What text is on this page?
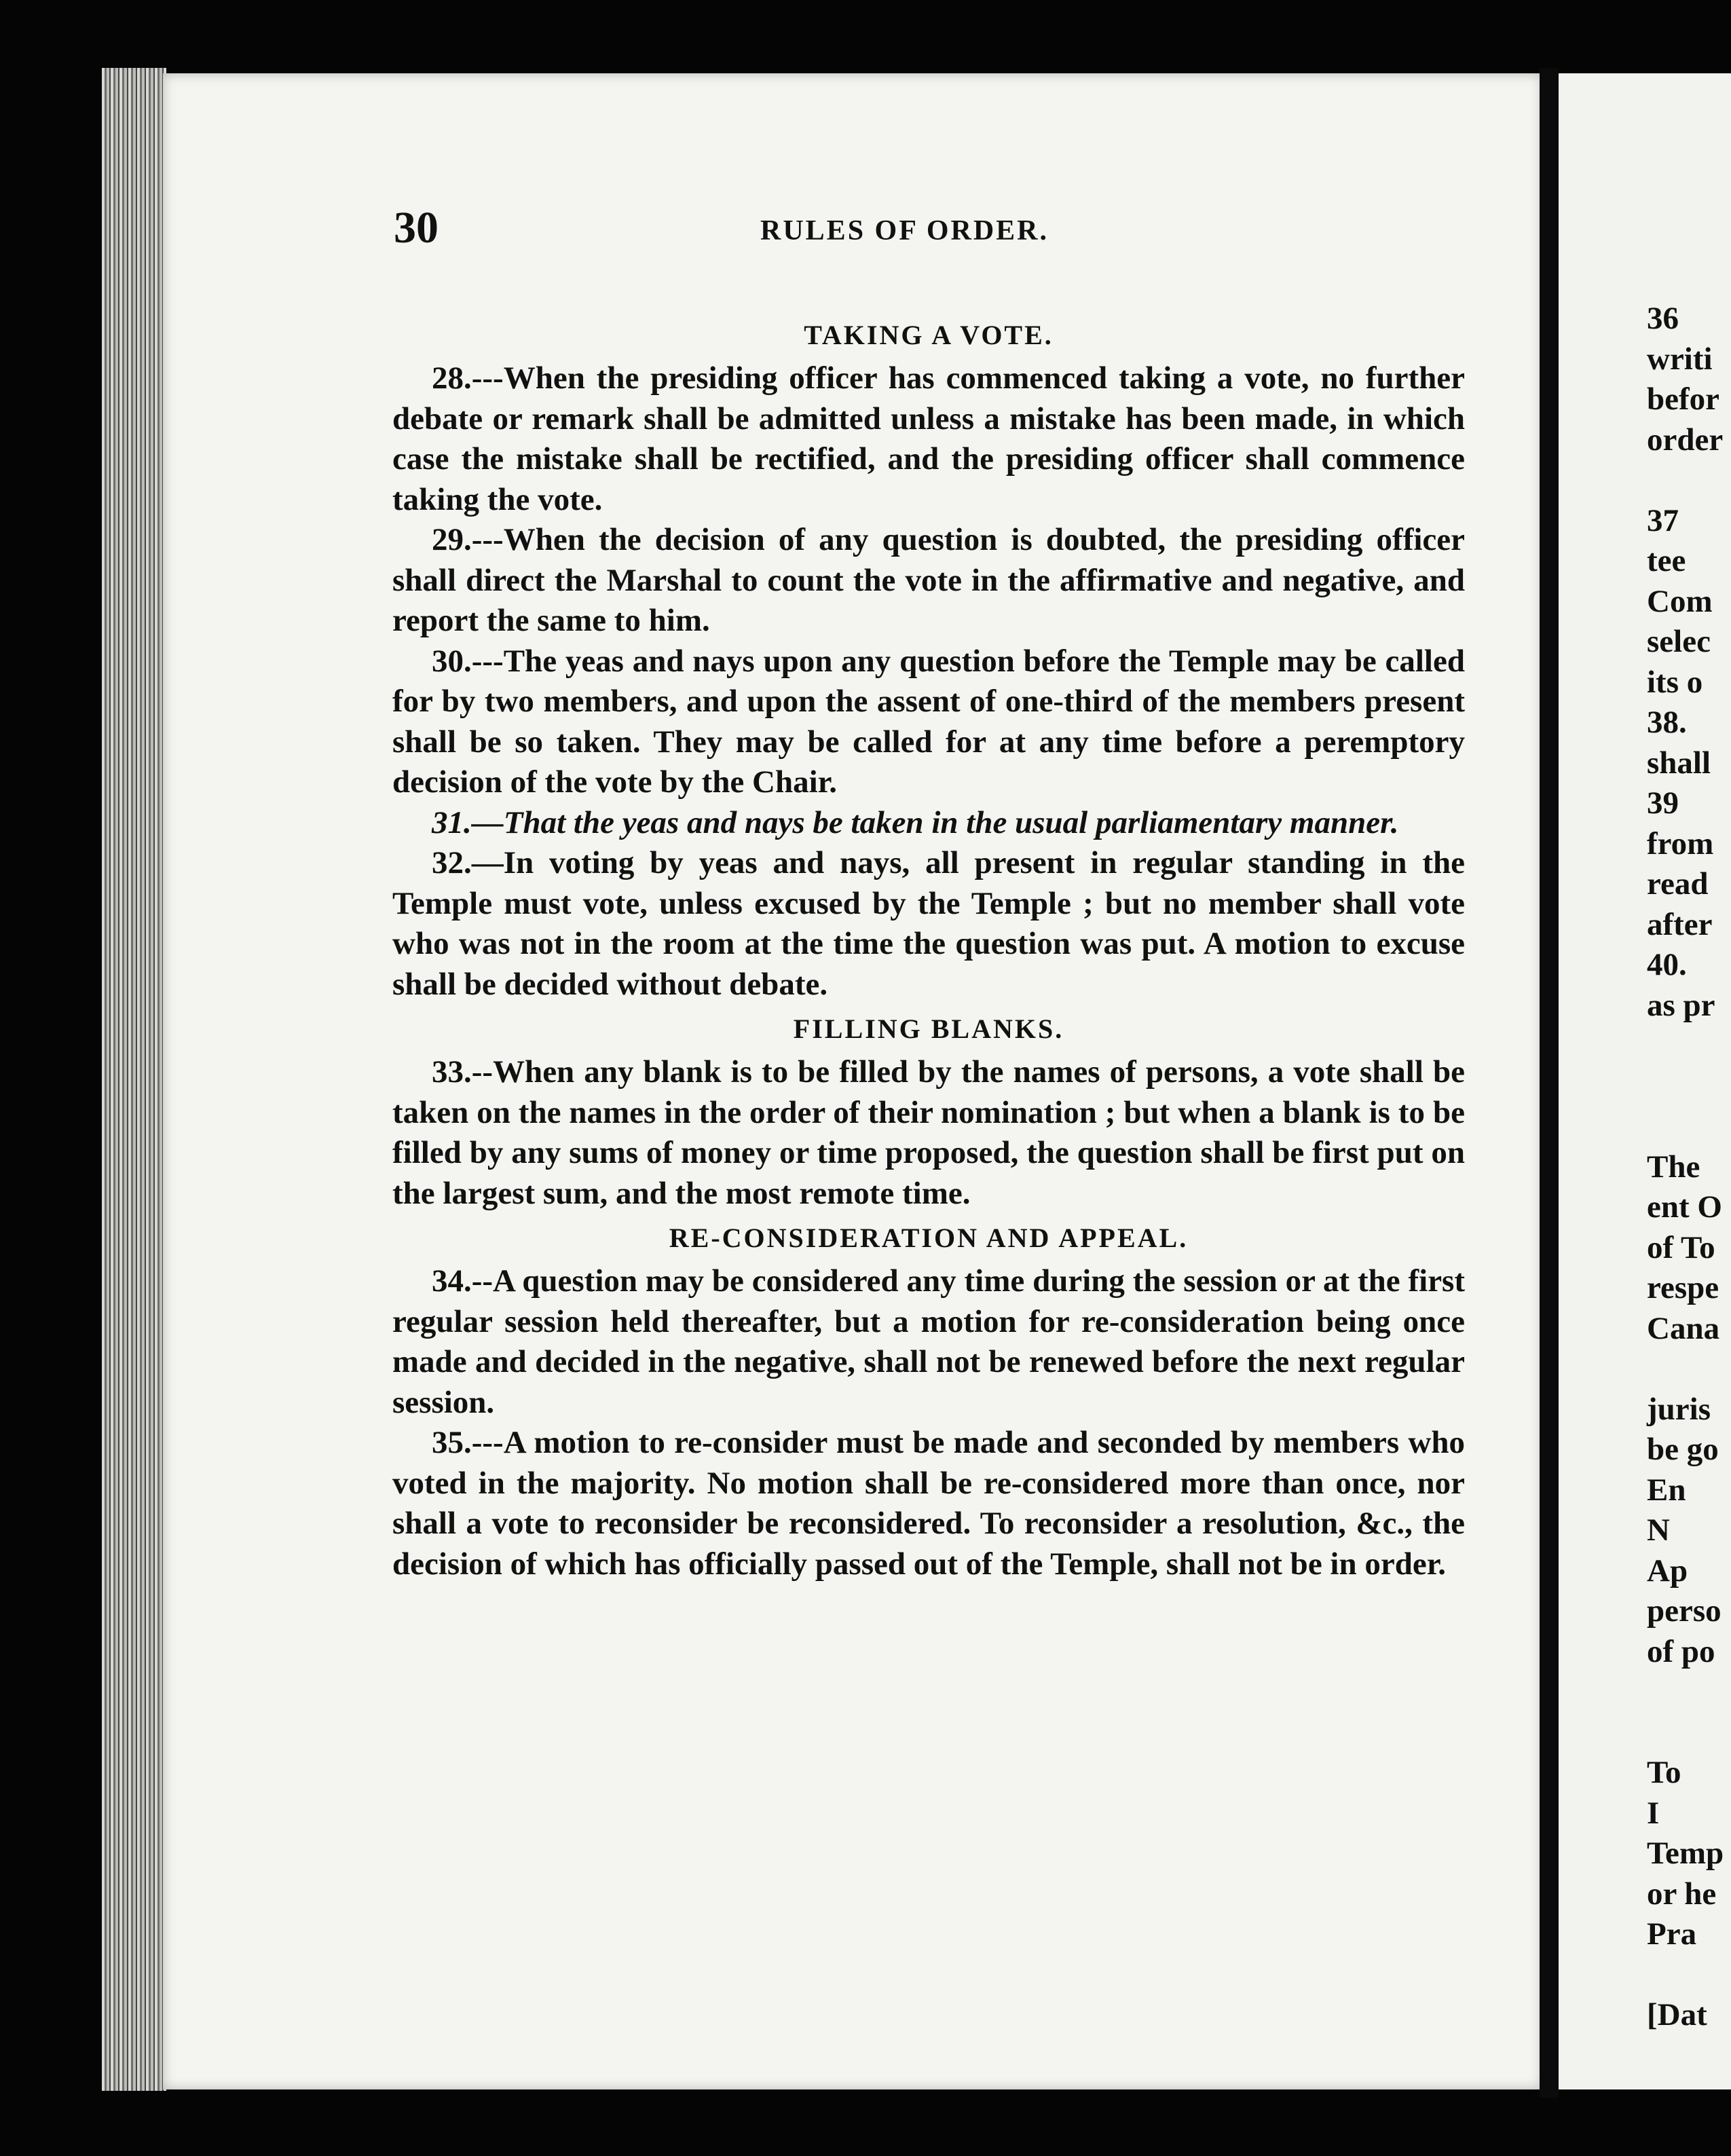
30	RULES OF ORDER.
TAKING A VOTE.

28.---When the presiding officer has commenced taking a vote, no further debate or remark shall be admitted unless a mistake has been made, in which case the mistake shall be rectified, and the presiding officer shall commence taking the vote.

29.---When the decision of any question is doubted, the presiding officer shall direct the Marshal to count the vote in the affirmative and negative, and report the same to him.

30.---The yeas and nays upon any question before the Temple may be called for by two members, and upon the assent of one-third of the members present shall be so taken. They may be called for at any time before a peremptory decision of the vote by the Chair.

31.—That the yeas and nays be taken in the usual parliamentary manner.

32.—In voting by yeas and nays, all present in regular standing in the Temple must vote, unless excused by the Temple ; but no member shall vote who was not in the room at the time the question was put. A motion to excuse shall be decided without debate.

FILLING BLANKS.

33.--When any blank is to be filled by the names of persons, a vote shall be taken on the names in the order of their nomination ; but when a blank is to be filled by any sums of money or time proposed, the question shall be first put on the largest sum, and the most remote time.

RE-CONSIDERATION AND APPEAL.

34.--A question may be considered any time during the session or at the first regular session held thereafter, but a motion for re-consideration being once made and decided in the negative, shall not be renewed before the next regular session.

35.---A motion to re-consider must be made and seconded by members who voted in the majority. No motion shall be re-considered more than once, nor shall a vote to reconsider be reconsidered. To reconsider a resolution, &c., the decision of which has officially passed out of the Temple, shall not be in order.

36
writi
befor
order
37
tee
Com
selec
its o
38.
shall
39
from
read
after
40.
as pr
The
ent O
of To
respe
Cana
juris
be go
En
N
Ap
perso
of po
To
I
Temp
or he
Pra
[Dat
